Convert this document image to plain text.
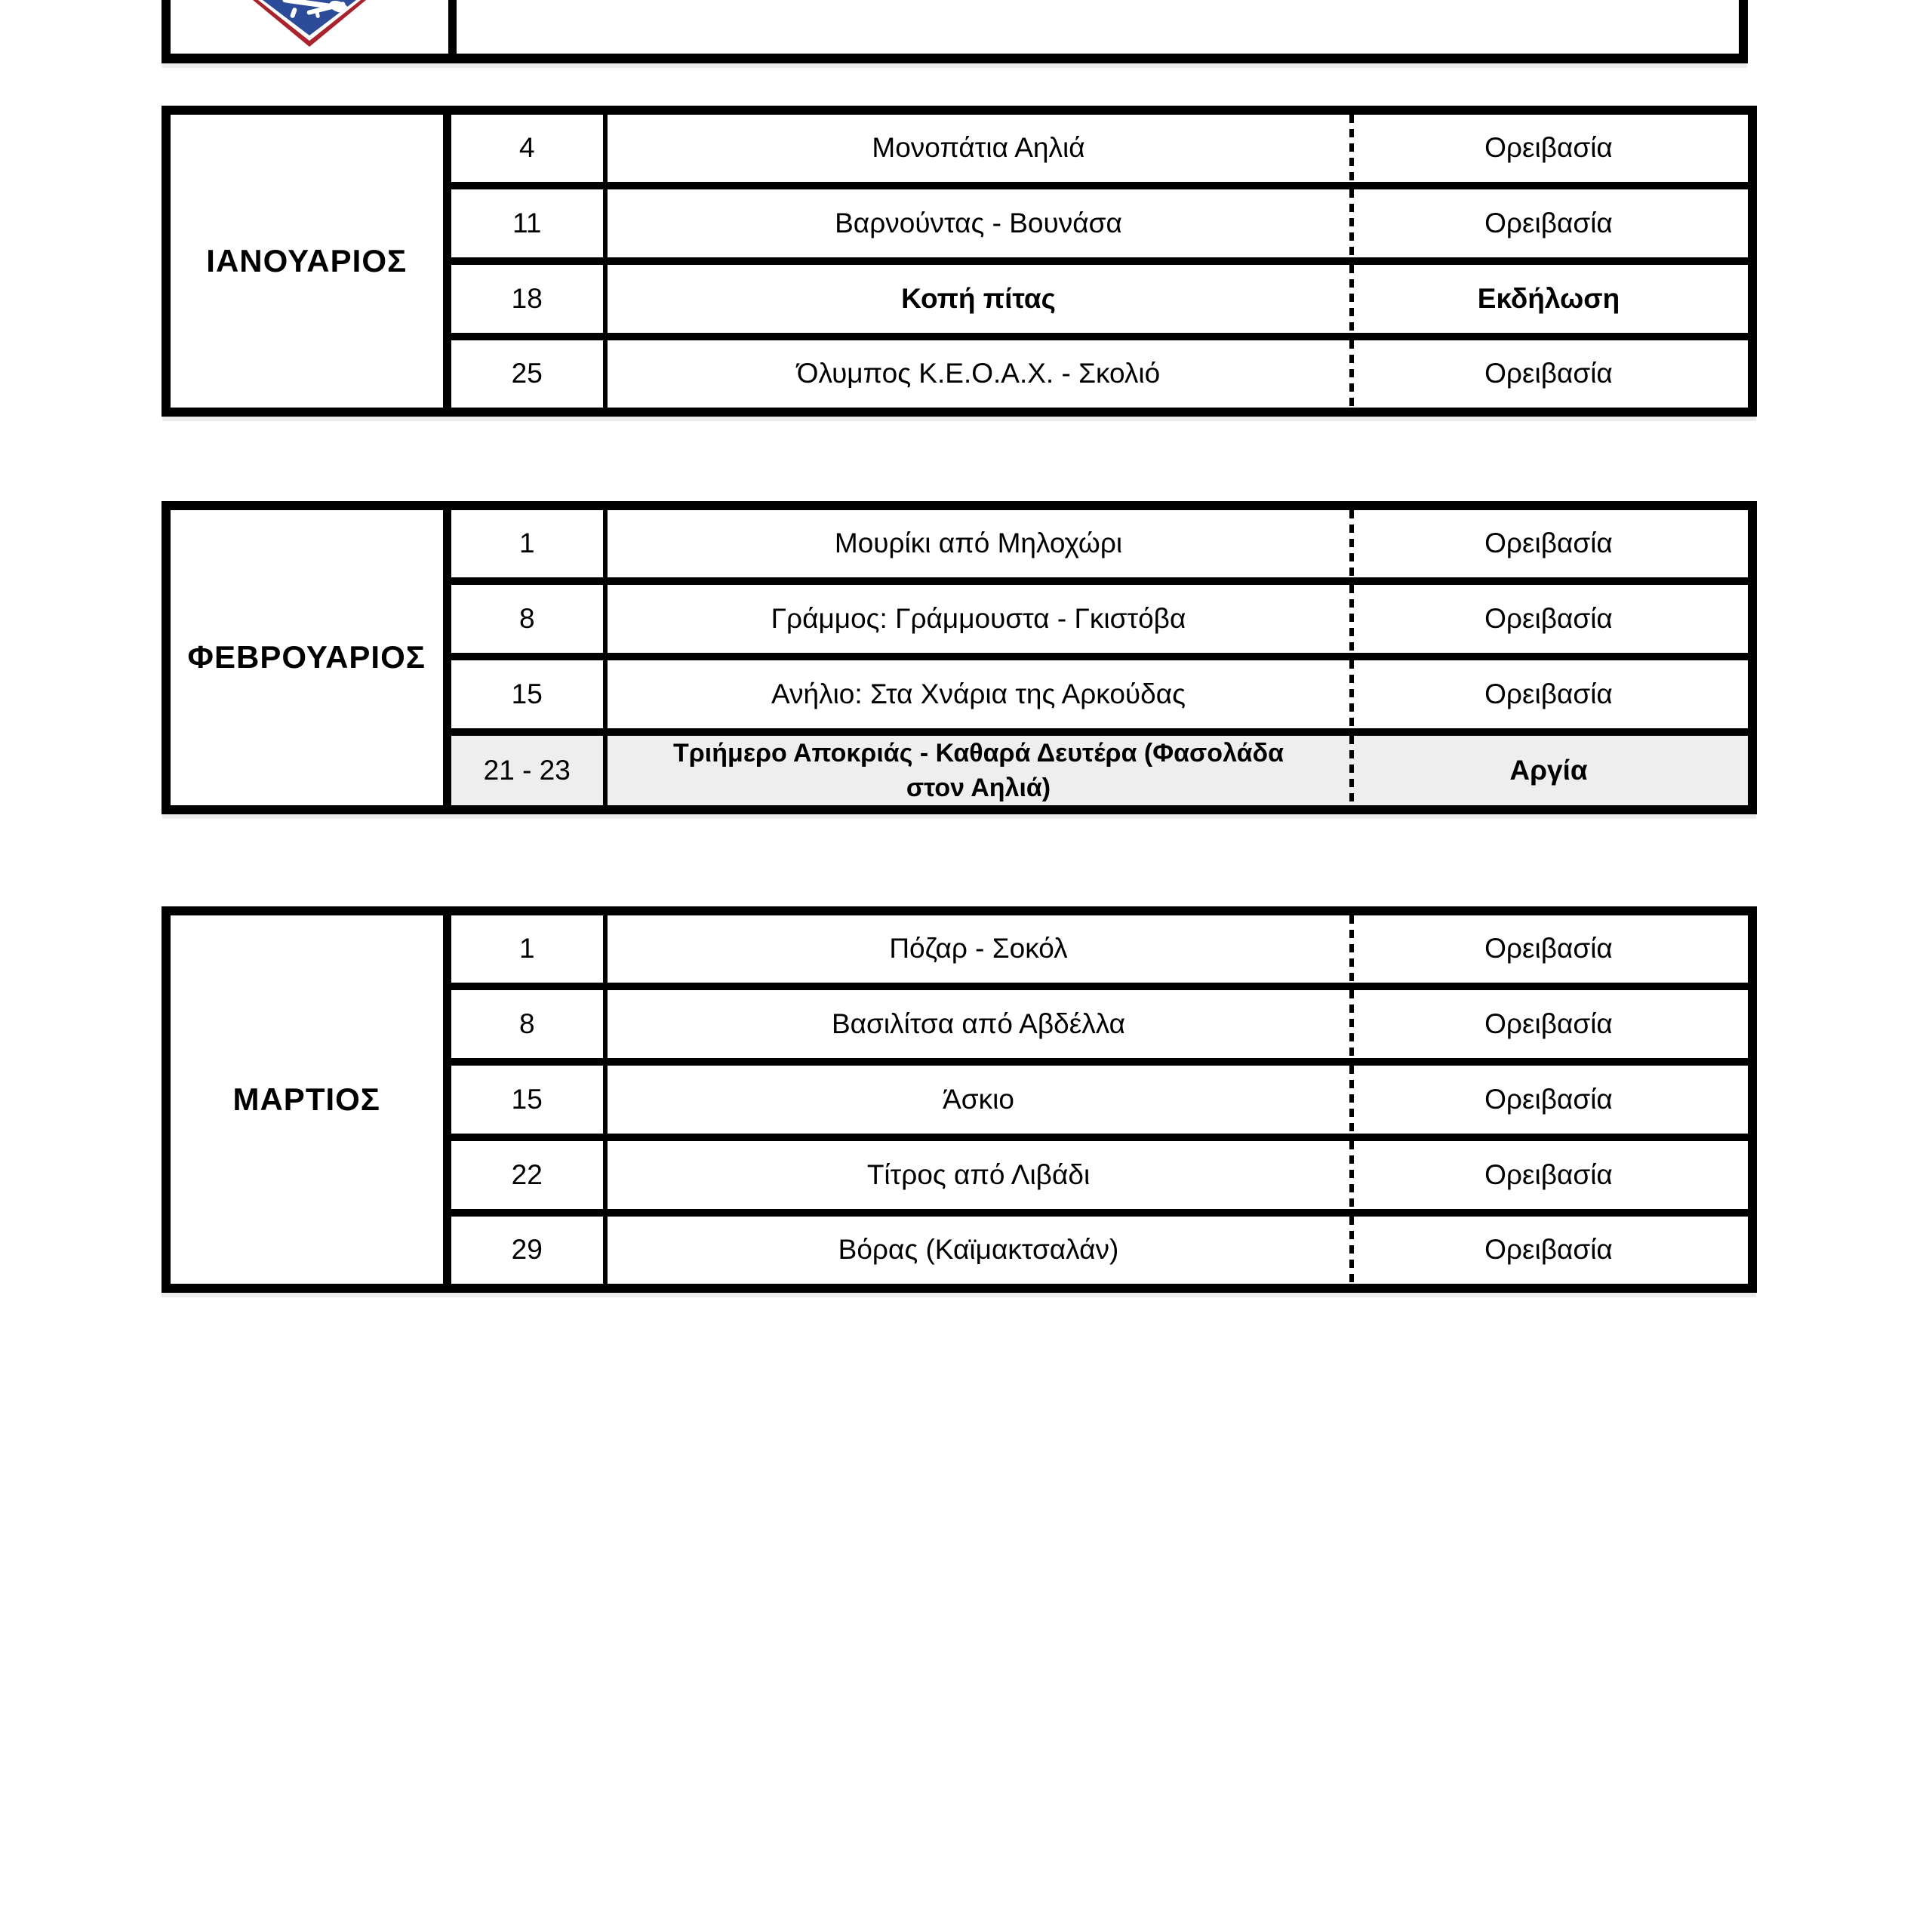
ΙΑΝΟΥΑΡΙΟΣ	4	Μονοπάτια Αηλιά	Ορειβασία
	11	Βαρνούντας - Βουνάσα	Ορειβασία
	18	Κοπή πίτας	Εκδήλωση
	25	Όλυμπος Κ.Ε.Ο.Α.Χ. - Σκολιό	Ορειβασία
ΦΕΒΡΟΥΑΡΙΟΣ	1	Μουρίκι από Μηλοχώρι	Ορειβασία
	8	Γράμμος: Γράμμουστα - Γκιστόβα	Ορειβασία
	15	Ανήλιο: Στα Χνάρια της Αρκούδας	Ορειβασία
	21 - 23	Τριήμερο Αποκριάς - Καθαρά Δευτέρα (Φασολάδα στον Αηλιά)	Αργία
ΜΑΡΤΙΟΣ	1	Πόζαρ - Σοκόλ	Ορειβασία
	8	Βασιλίτσα από Αβδέλλα	Ορειβασία
	15	Άσκιο	Ορειβασία
	22	Τίτρος από Λιβάδι	Ορειβασία
	29	Βόρας (Καϊμακτσαλάν)	Ορειβασία
